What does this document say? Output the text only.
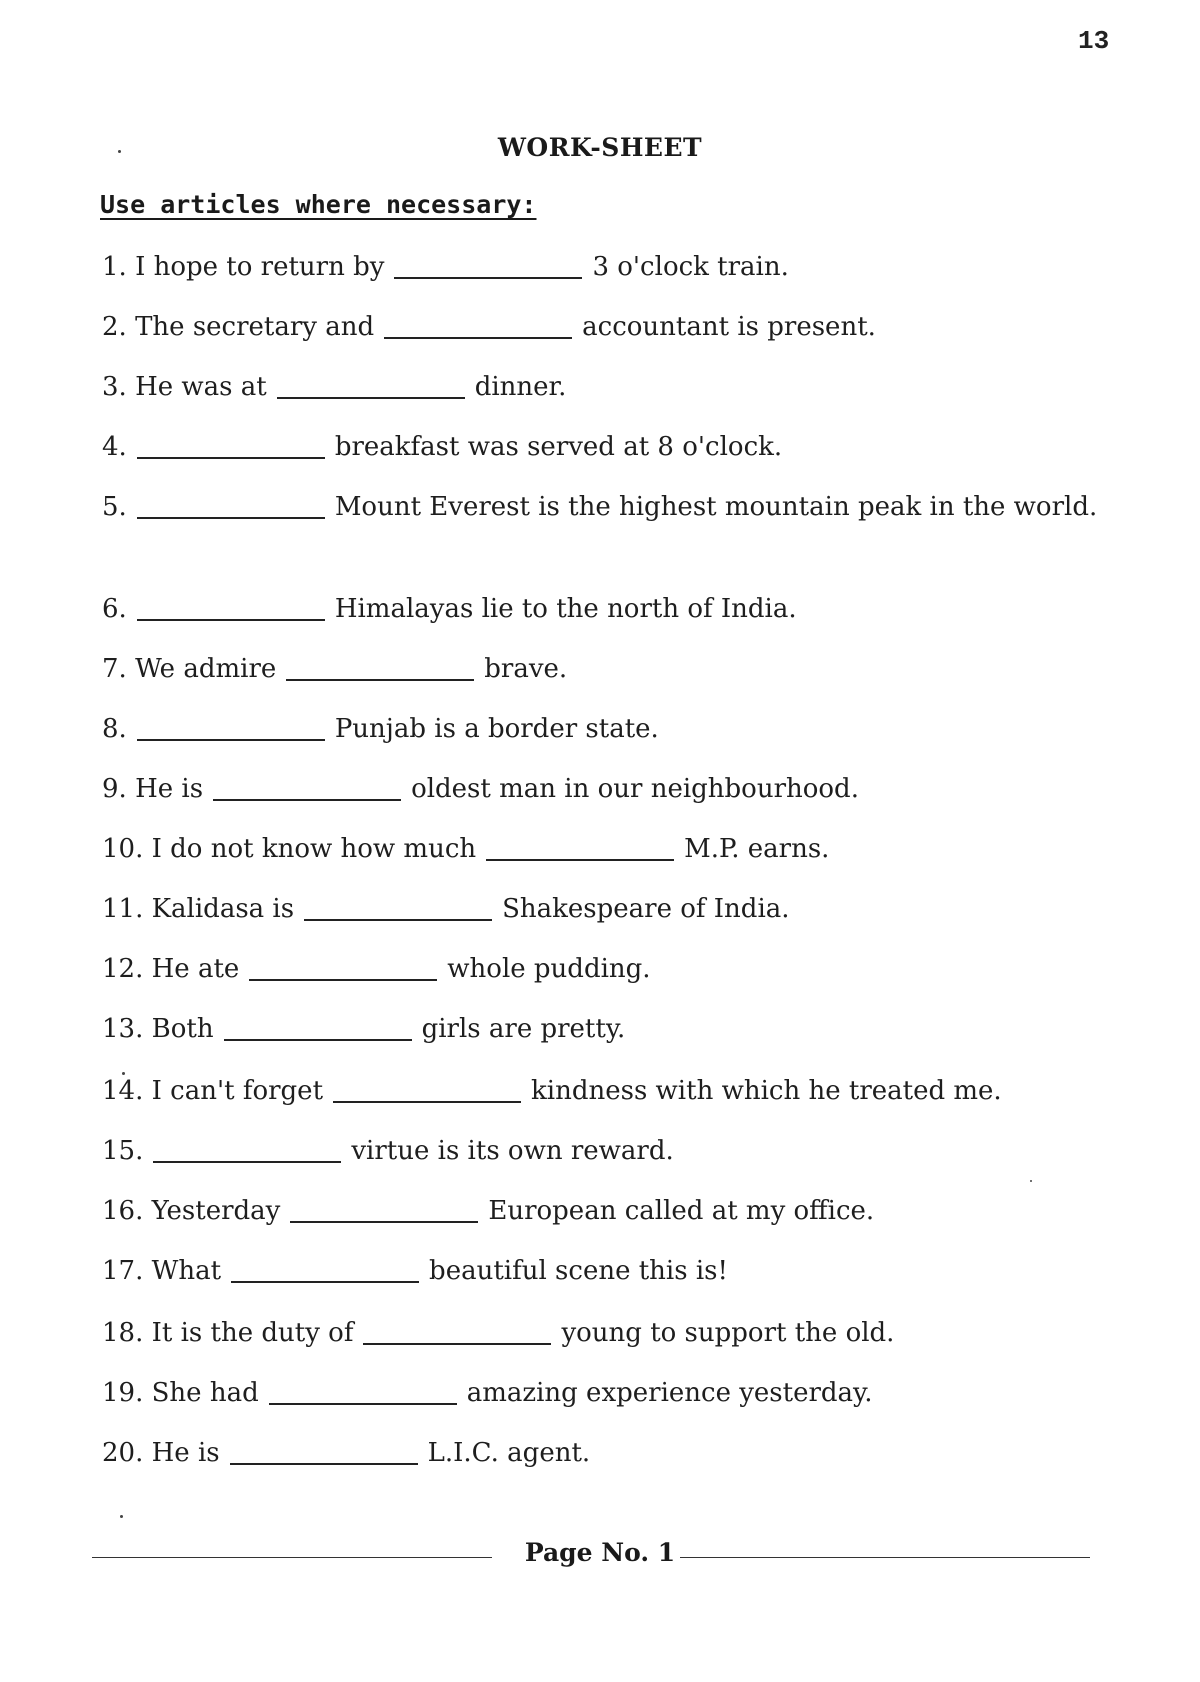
13
WORK-SHEET
Use articles where necessary:
1. I hope to return by	3 o'clock train.
2. The secretary and	accountant is present.
3. He was at	dinner.
4.	breakfast was served at 8 o'clock.
5.	Mount Everest is the highest mountain peak in the world.
6.	Himalayas lie to the north of India.
7. We admire	brave.
8.	Punjab is a border state.
9. He is	oldest man in our neighbourhood.
10. I do not know how much	M.P. earns.
11. Kalidasa is	Shakespeare of India.
12. He ate	whole pudding.
13. Both	girls are pretty.
14. I can't forget	kindness with which he treated me.
15.	virtue is its own reward.
16. Yesterday	European called at my office.
17. What	beautiful scene this is!
18. It is the duty of	young to support the old.
19. She had	amazing experience yesterday.
20. He is	L.I.C. agent.
Page No. 1
